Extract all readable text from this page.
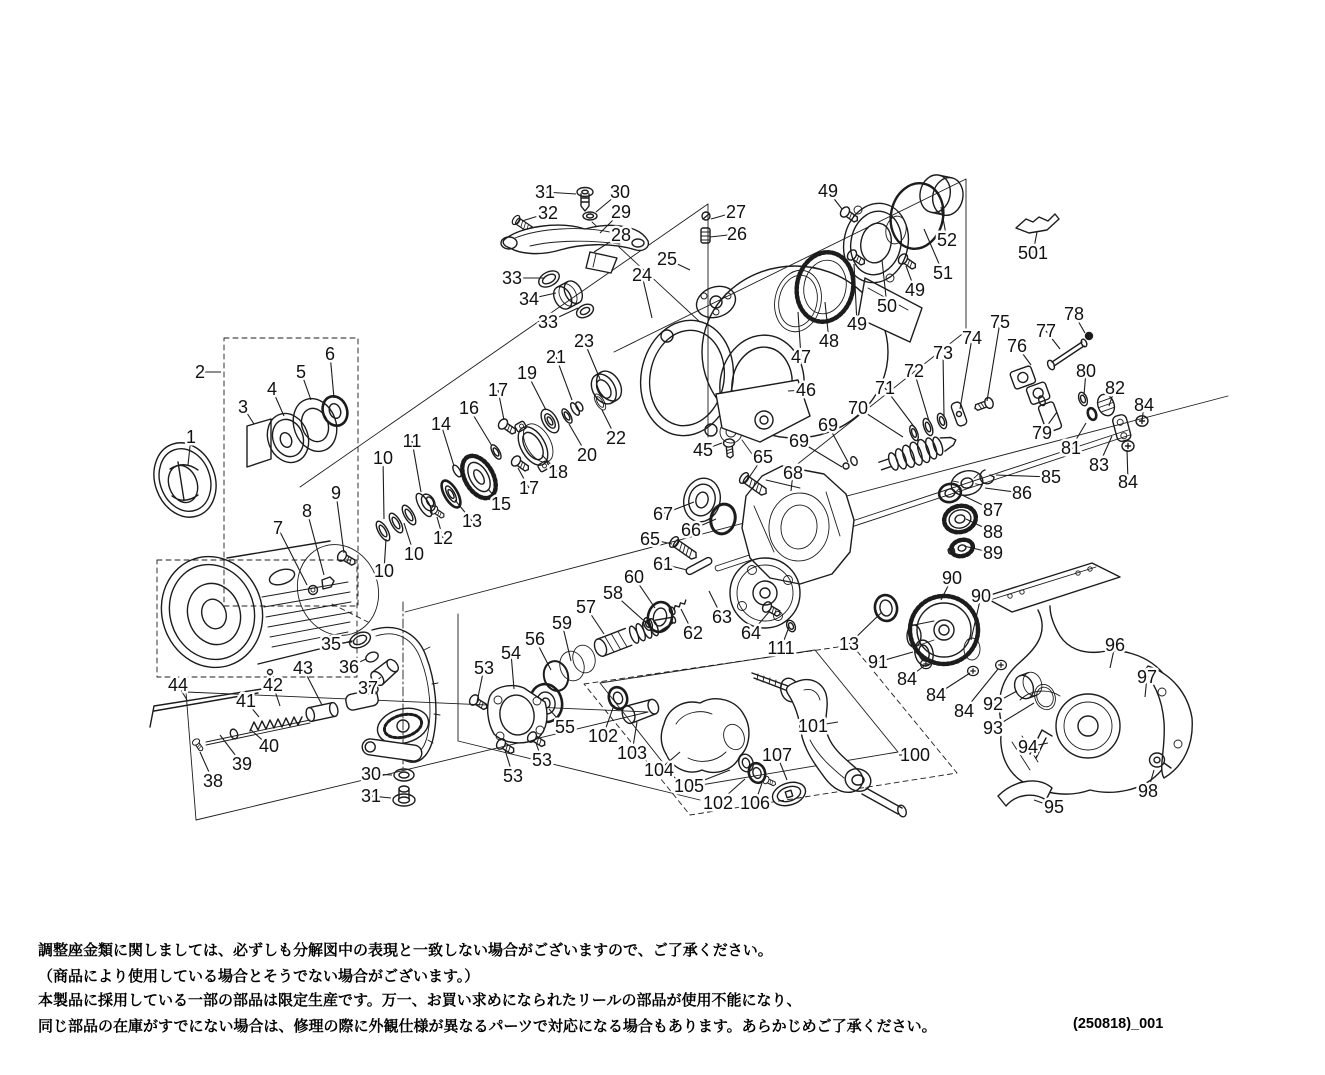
1
2
3
4
5
6
7
8
9
10
10
10
11
12
13
14
15
16
17
17
18
19
20
21
22
23
24
25
26
27
28
29
30
31
32
33
34
33
35
36
37
38
39
40
41
42
43
44
30
31
45
46
47
48
49
49
49
50
51
52
501
53
53
53
54
55
56
57
58
59
60
61
62
63
64
111
65
65 66
67
68
69
69
70
71
72
73
74
75
76
77
78
79
80
81
82
83
84
84
84
84
84
85
86
87
88
89
90
90
91
13
92
93
94
95
96
97
98
100
101
102
103
104
105
102 106
107
調整座金類に関しましては、必ずしも分解図中の表現と一致しない場合がございますので、ご了承ください。
（商品により使用している場合とそうでない場合がございます。）
本製品に採用している一部の部品は限定生産です。万一、お買い求めになられたリールの部品が使用不能になり、
同じ部品の在庫がすでにない場合は、修理の際に外観仕様が異なるパーツで対応になる場合もあります。あらかじめご了承ください。	(250818)_001
